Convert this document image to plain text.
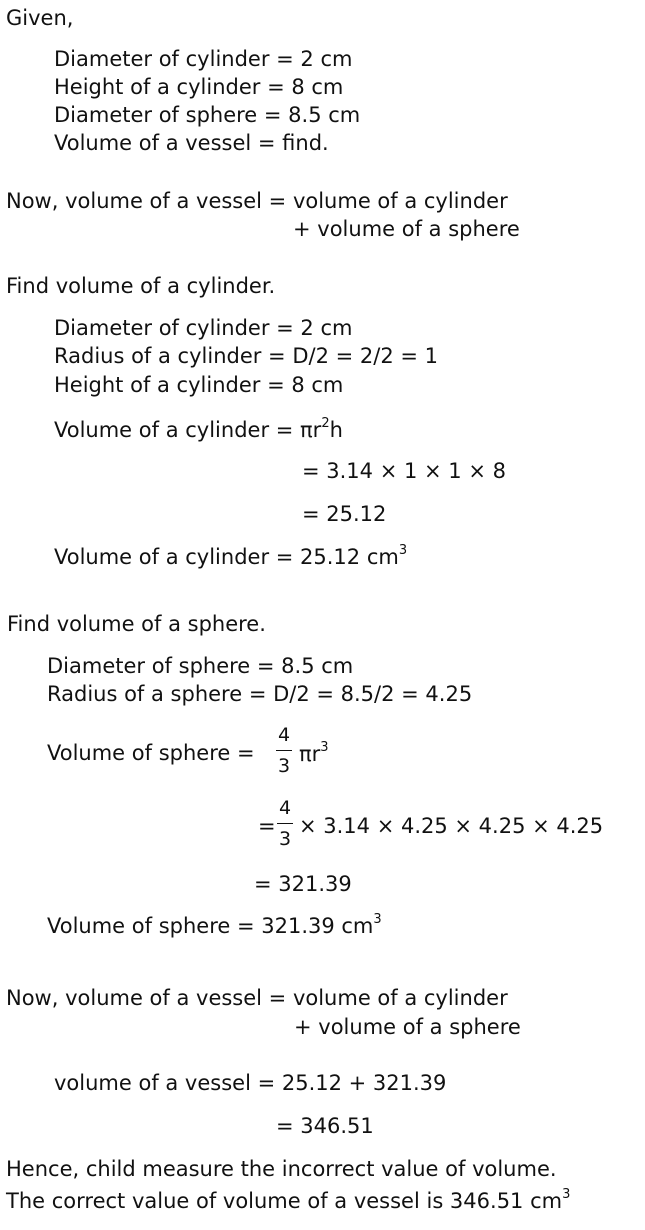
Given,
Diameter of cylinder = 2 cm
Height of a cylinder = 8 cm
Diameter of sphere = 8.5 cm
Volume of a vessel = find.
Now, volume of a vessel = volume of a cylinder
+ volume of a sphere
Find volume of a cylinder.
Diameter of cylinder = 2 cm
Radius of a cylinder = D/2 = 2/2 = 1
Height of a cylinder = 8 cm
Volume of a cylinder = $\pi r^2h$
= 3.14 × 1 × 1 × 8
= 25.12
Volume of a cylinder = 25.12 $cm^3$
Find volume of a sphere.
Diameter of sphere = 8.5 cm
Radius of a sphere = D/2 = 8.5/2 = 4.25
Volume of sphere =
4
3 $\pi r^3$
=
4
3
× 3.14 × 4.25 × 4.25 × 4.25
= 321.39
Volume of sphere = 321.39 $cm^3$
Now, volume of a vessel = volume of a cylinder
+ volume of a sphere
volume of a vessel = 25.12 + 321.39
= 346.51
Hence, child measure the incorrect value of volume.
The correct value of volume of a vessel is 346.51 $cm^3$
